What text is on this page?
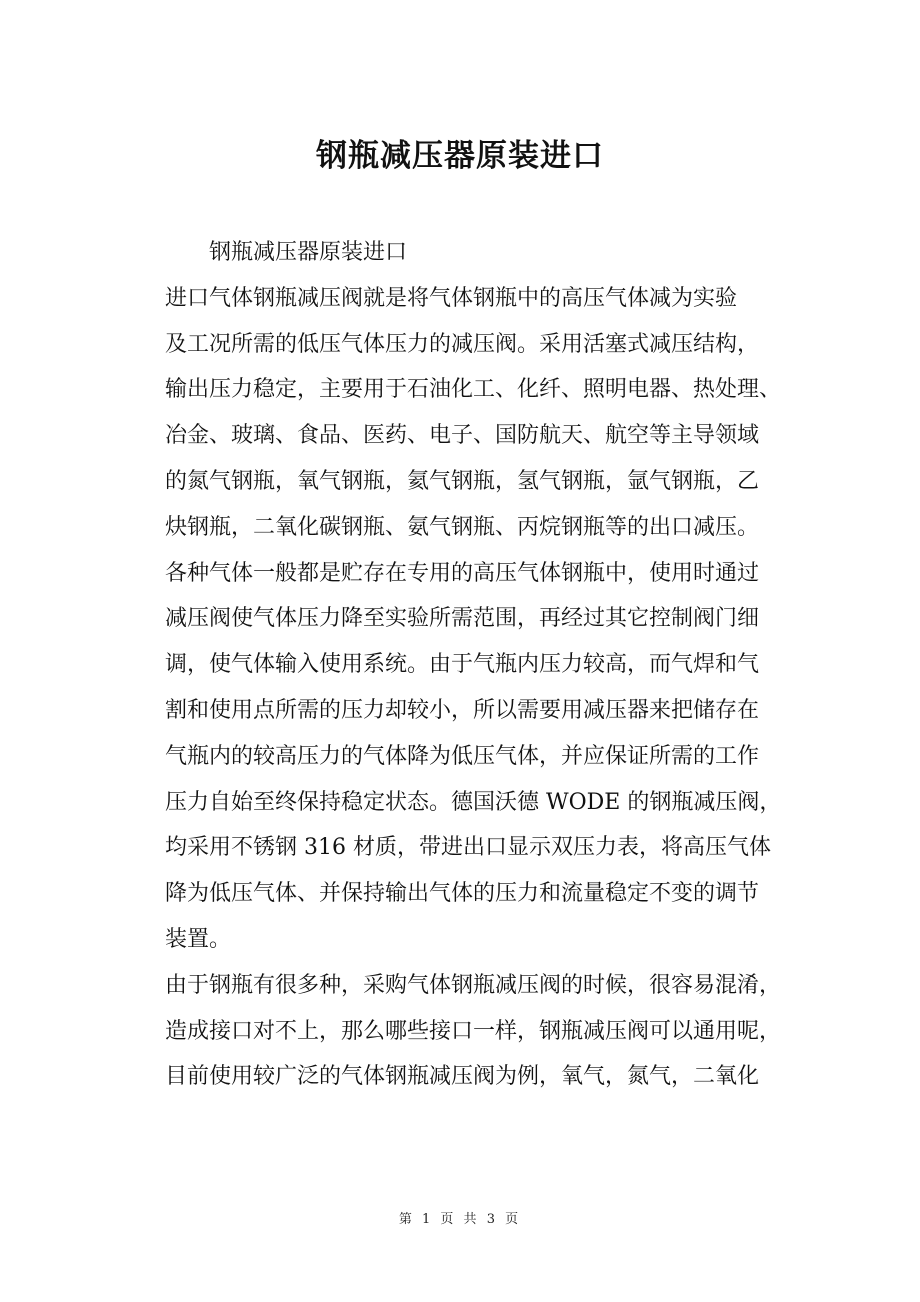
钢瓶减压器原装进口
钢瓶减压器原装进口
进口气体钢瓶减压阀就是将气体钢瓶中的高压气体减为实验
及工况所需的低压气体压力的减压阀。采用活塞式减压结构，
输出压力稳定，主要用于石油化工、化纤、照明电器、热处理、
冶金、玻璃、食品、医药、电子、国防航天、航空等主导领域
的氮气钢瓶，氧气钢瓶，氦气钢瓶，氢气钢瓶，氩气钢瓶，乙
炔钢瓶，二氧化碳钢瓶、氨气钢瓶、丙烷钢瓶等的出口减压。
各种气体一般都是贮存在专用的高压气体钢瓶中，使用时通过
减压阀使气体压力降至实验所需范围，再经过其它控制阀门细
调，使气体输入使用系统。由于气瓶内压力较高，而气焊和气
割和使用点所需的压力却较小，所以需要用减压器来把储存在
气瓶内的较高压力的气体降为低压气体，并应保证所需的工作
压力自始至终保持稳定状态。德国沃德 WODE 的钢瓶减压阀，
均采用不锈钢 316 材质，带进出口显示双压力表，将高压气体
降为低压气体、并保持输出气体的压力和流量稳定不变的调节
装置。
由于钢瓶有很多种，采购气体钢瓶减压阀的时候，很容易混淆，
造成接口对不上，那么哪些接口一样，钢瓶减压阀可以通用呢，
目前使用较广泛的气体钢瓶减压阀为例，氧气，氮气，二氧化
第 1 页 共 3 页
